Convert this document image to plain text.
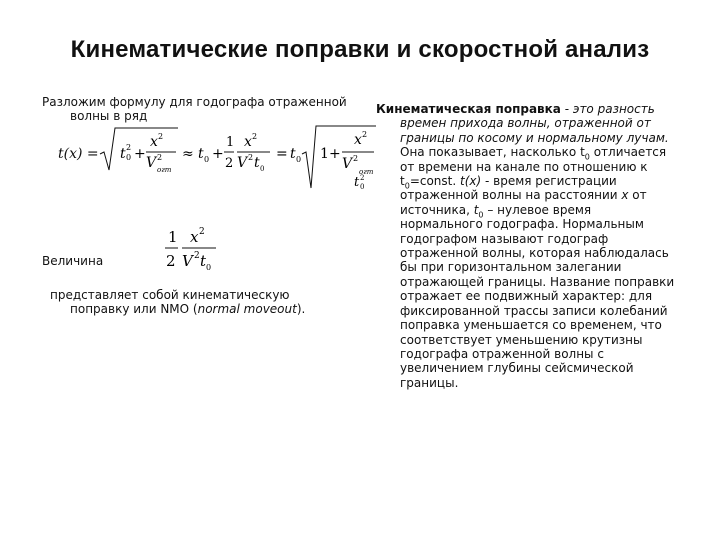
Кинематические поправки и скоростной анализ
Разложим формулу для годографа отраженной
волны в ряд
t(x) = t 0
2 +
x 2
V 2
огт
≈ t 0 +
1
2
x 2
V 2 t 0
= t 0 1 +
x 2
V 2
огт
t 0
2
Величина
1
2
x 2
V 2 t 0
представляет собой кинематическую
поправку или NMO (normal moveout).
Кинематическая поправка - это разность
времен прихода волны, отраженной от
границы по косому и нормальному лучам.
Она показывает, насколько $t_0$ отличается
от времени на канале по отношению к
$t_0=const$. t(x) - время регистрации
отраженной волны на расстоянии x от
источника, $t_0$ – нулевое время
нормального годографа. Нормальным
годографом называют годограф
отраженной волны, которая наблюдалась
бы при горизонтальном залегании
отражающей границы. Название поправки
отражает ее подвижный характер: для
фиксированной трассы записи колебаний
поправка уменьшается со временем, что
соответствует уменьшению крутизны
годографа отраженной волны с
увеличением глубины сейсмической
границы.
